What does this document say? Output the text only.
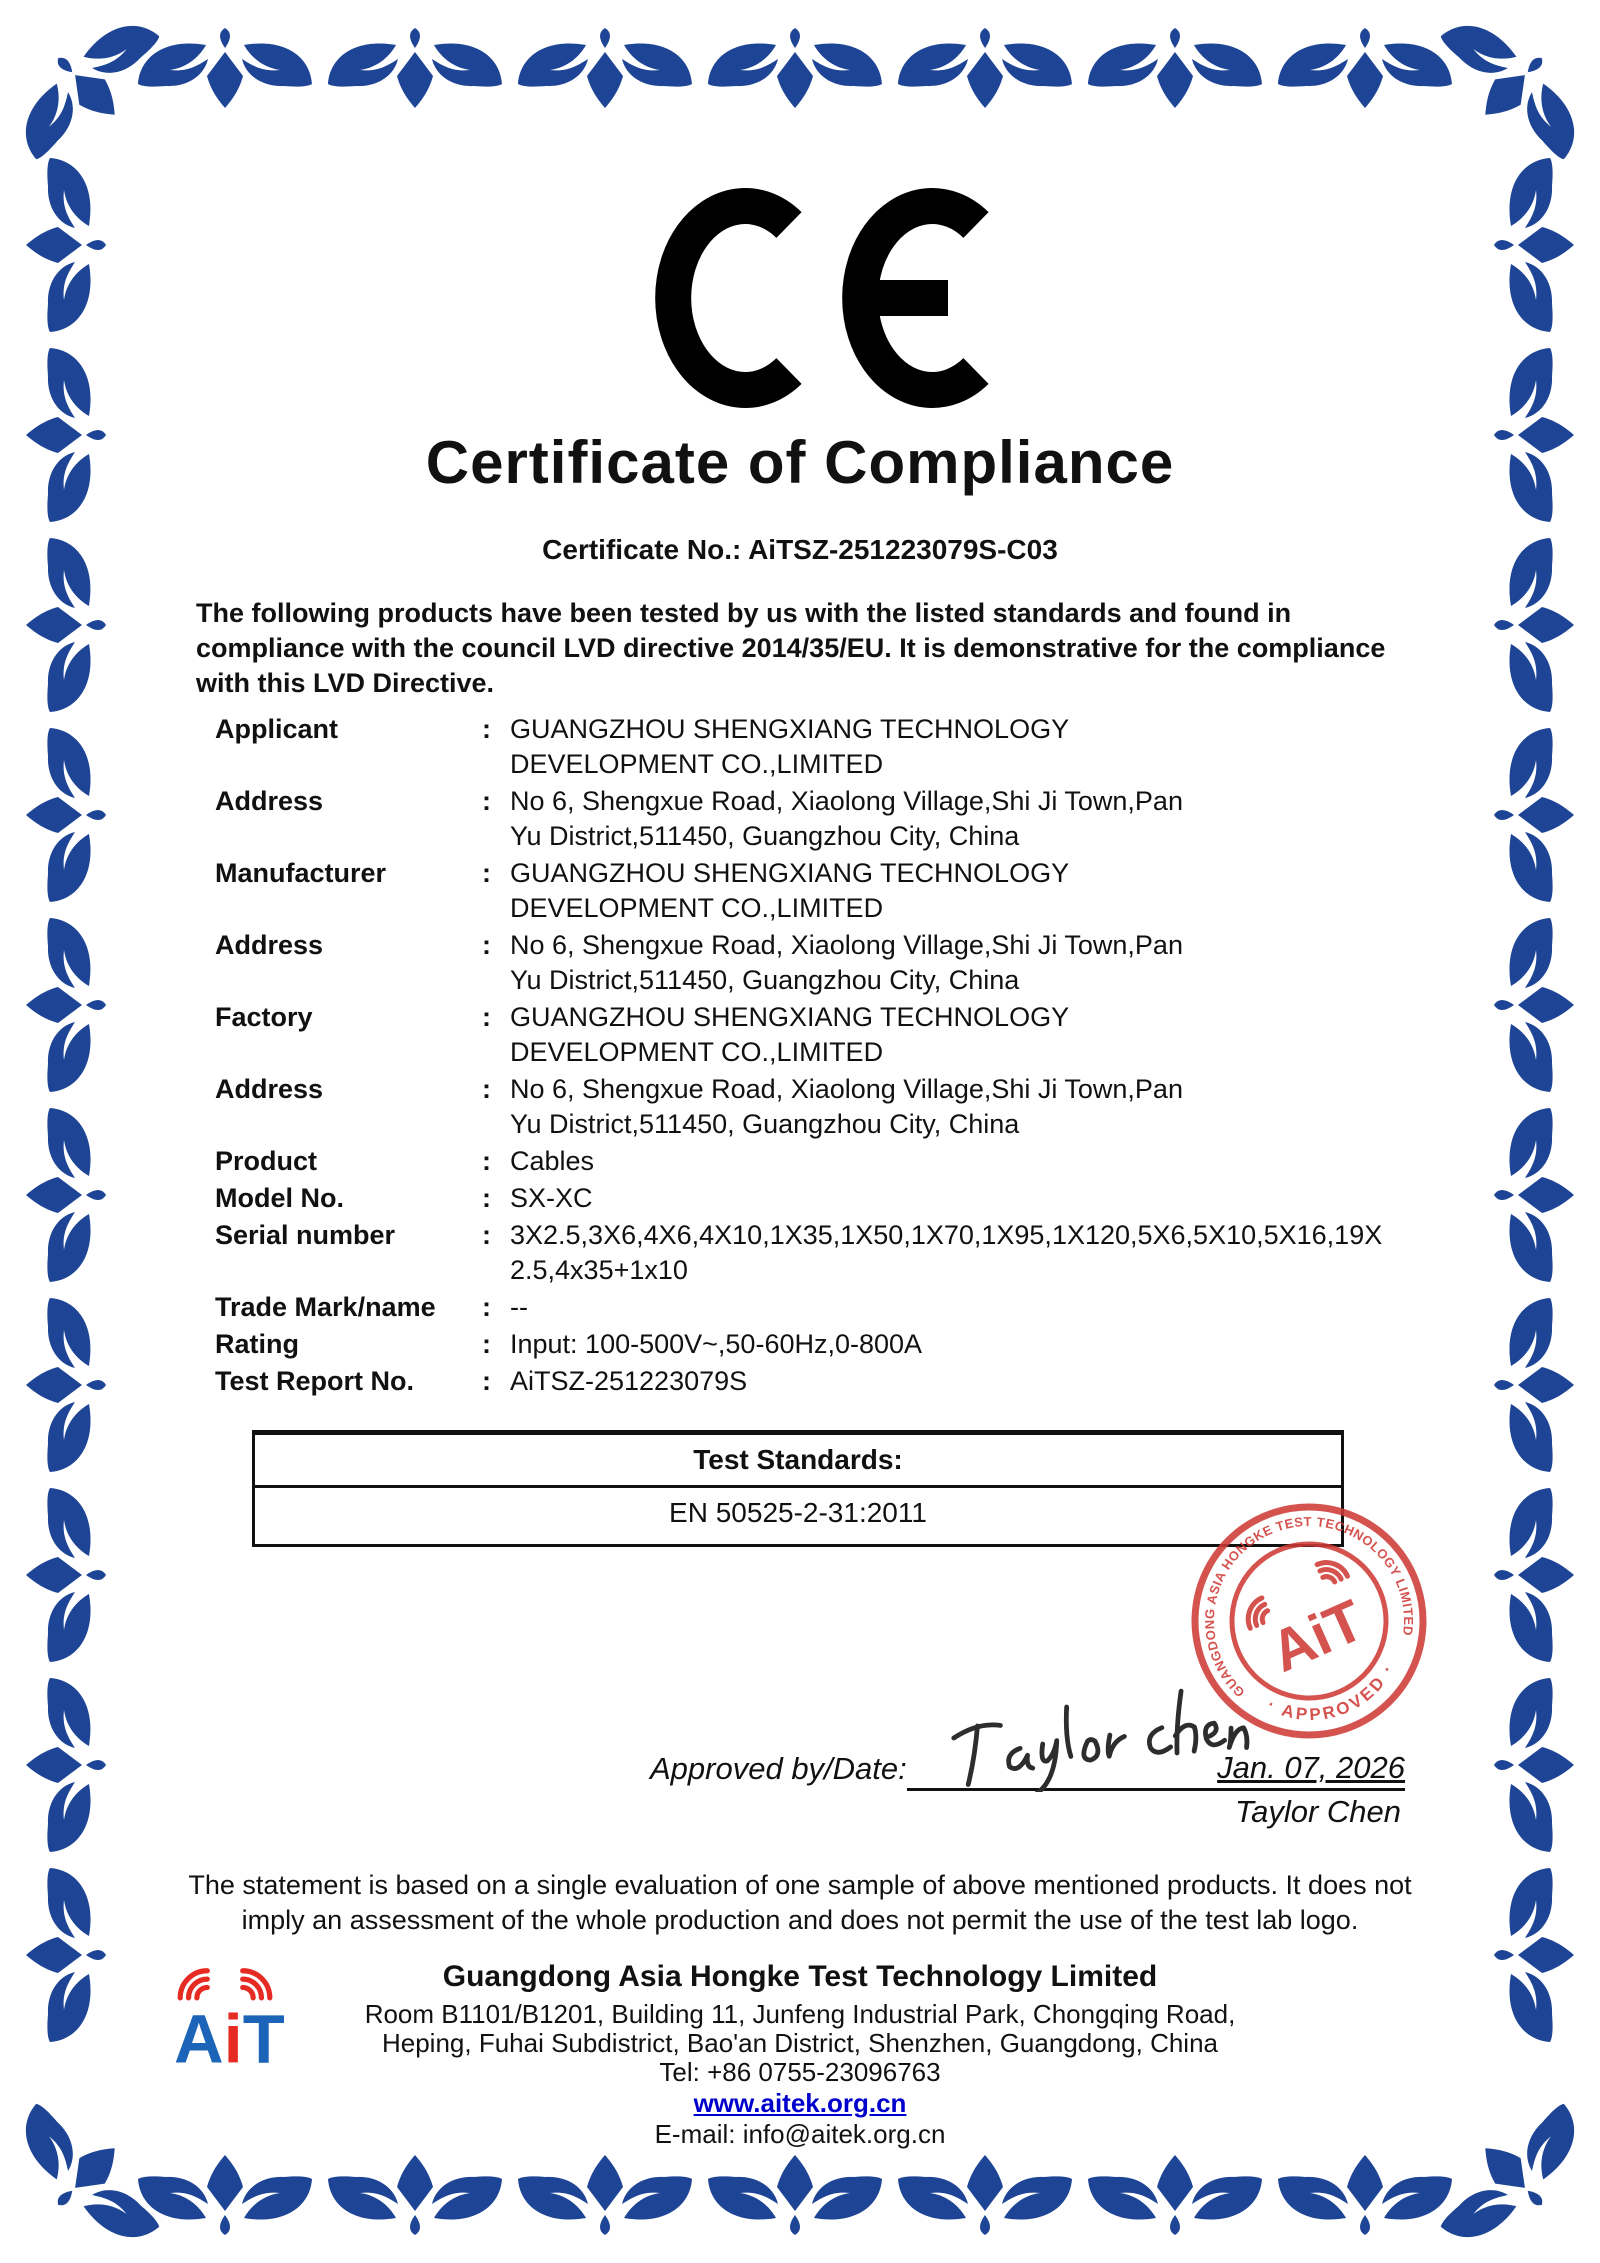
Certificate of Compliance
Certificate No.: AiTSZ-251223079S-C03
The following products have been tested by us with the listed standards and found in compliance with the council LVD directive 2014/35/EU. It is demonstrative for the compliance with this LVD Directive.
Applicant	: GUANGZHOU SHENGXIANG TECHNOLOGY
DEVELOPMENT CO.,LIMITED
Address	: No 6, Shengxue Road, Xiaolong Village,Shi Ji Town,Pan
Yu District,511450, Guangzhou City, China
Manufacturer	: GUANGZHOU SHENGXIANG TECHNOLOGY
DEVELOPMENT CO.,LIMITED
Address	: No 6, Shengxue Road, Xiaolong Village,Shi Ji Town,Pan
Yu District,511450, Guangzhou City, China
Factory	: GUANGZHOU SHENGXIANG TECHNOLOGY
DEVELOPMENT CO.,LIMITED
Address	: No 6, Shengxue Road, Xiaolong Village,Shi Ji Town,Pan
Yu District,511450, Guangzhou City, China
Product	: Cables
Model No.	: SX-XC
Serial number	: 3X2.5,3X6,4X6,4X10,1X35,1X50,1X70,1X95,1X120,5X6,5X10,5X16,19X
2.5,4x35+1x10
Trade Mark/name	: --
Rating	: Input: 100-500V~,50-60Hz,0-800A
Test Report No.	: AiTSZ-251223079S
Test Standards:
EN 50525-2-31:2011
GUANGDONG ASIA HONGKE TEST TECHNOLOGY LIMITED
· APPROVED ·
AiT
Approved by/Date:	Jan. 07, 2026
Taylor Chen
The statement is based on a single evaluation of one sample of above mentioned products. It does not
imply an assessment of the whole production and does not permit the use of the test lab logo.
AiT
Guangdong Asia Hongke Test Technology Limited
Room B1101/B1201, Building 11, Junfeng Industrial Park, Chongqing Road,
Heping, Fuhai Subdistrict, Bao'an District, Shenzhen, Guangdong, China
Tel: +86 0755-23096763
www.aitek.org.cn
E-mail: info@aitek.org.cn
